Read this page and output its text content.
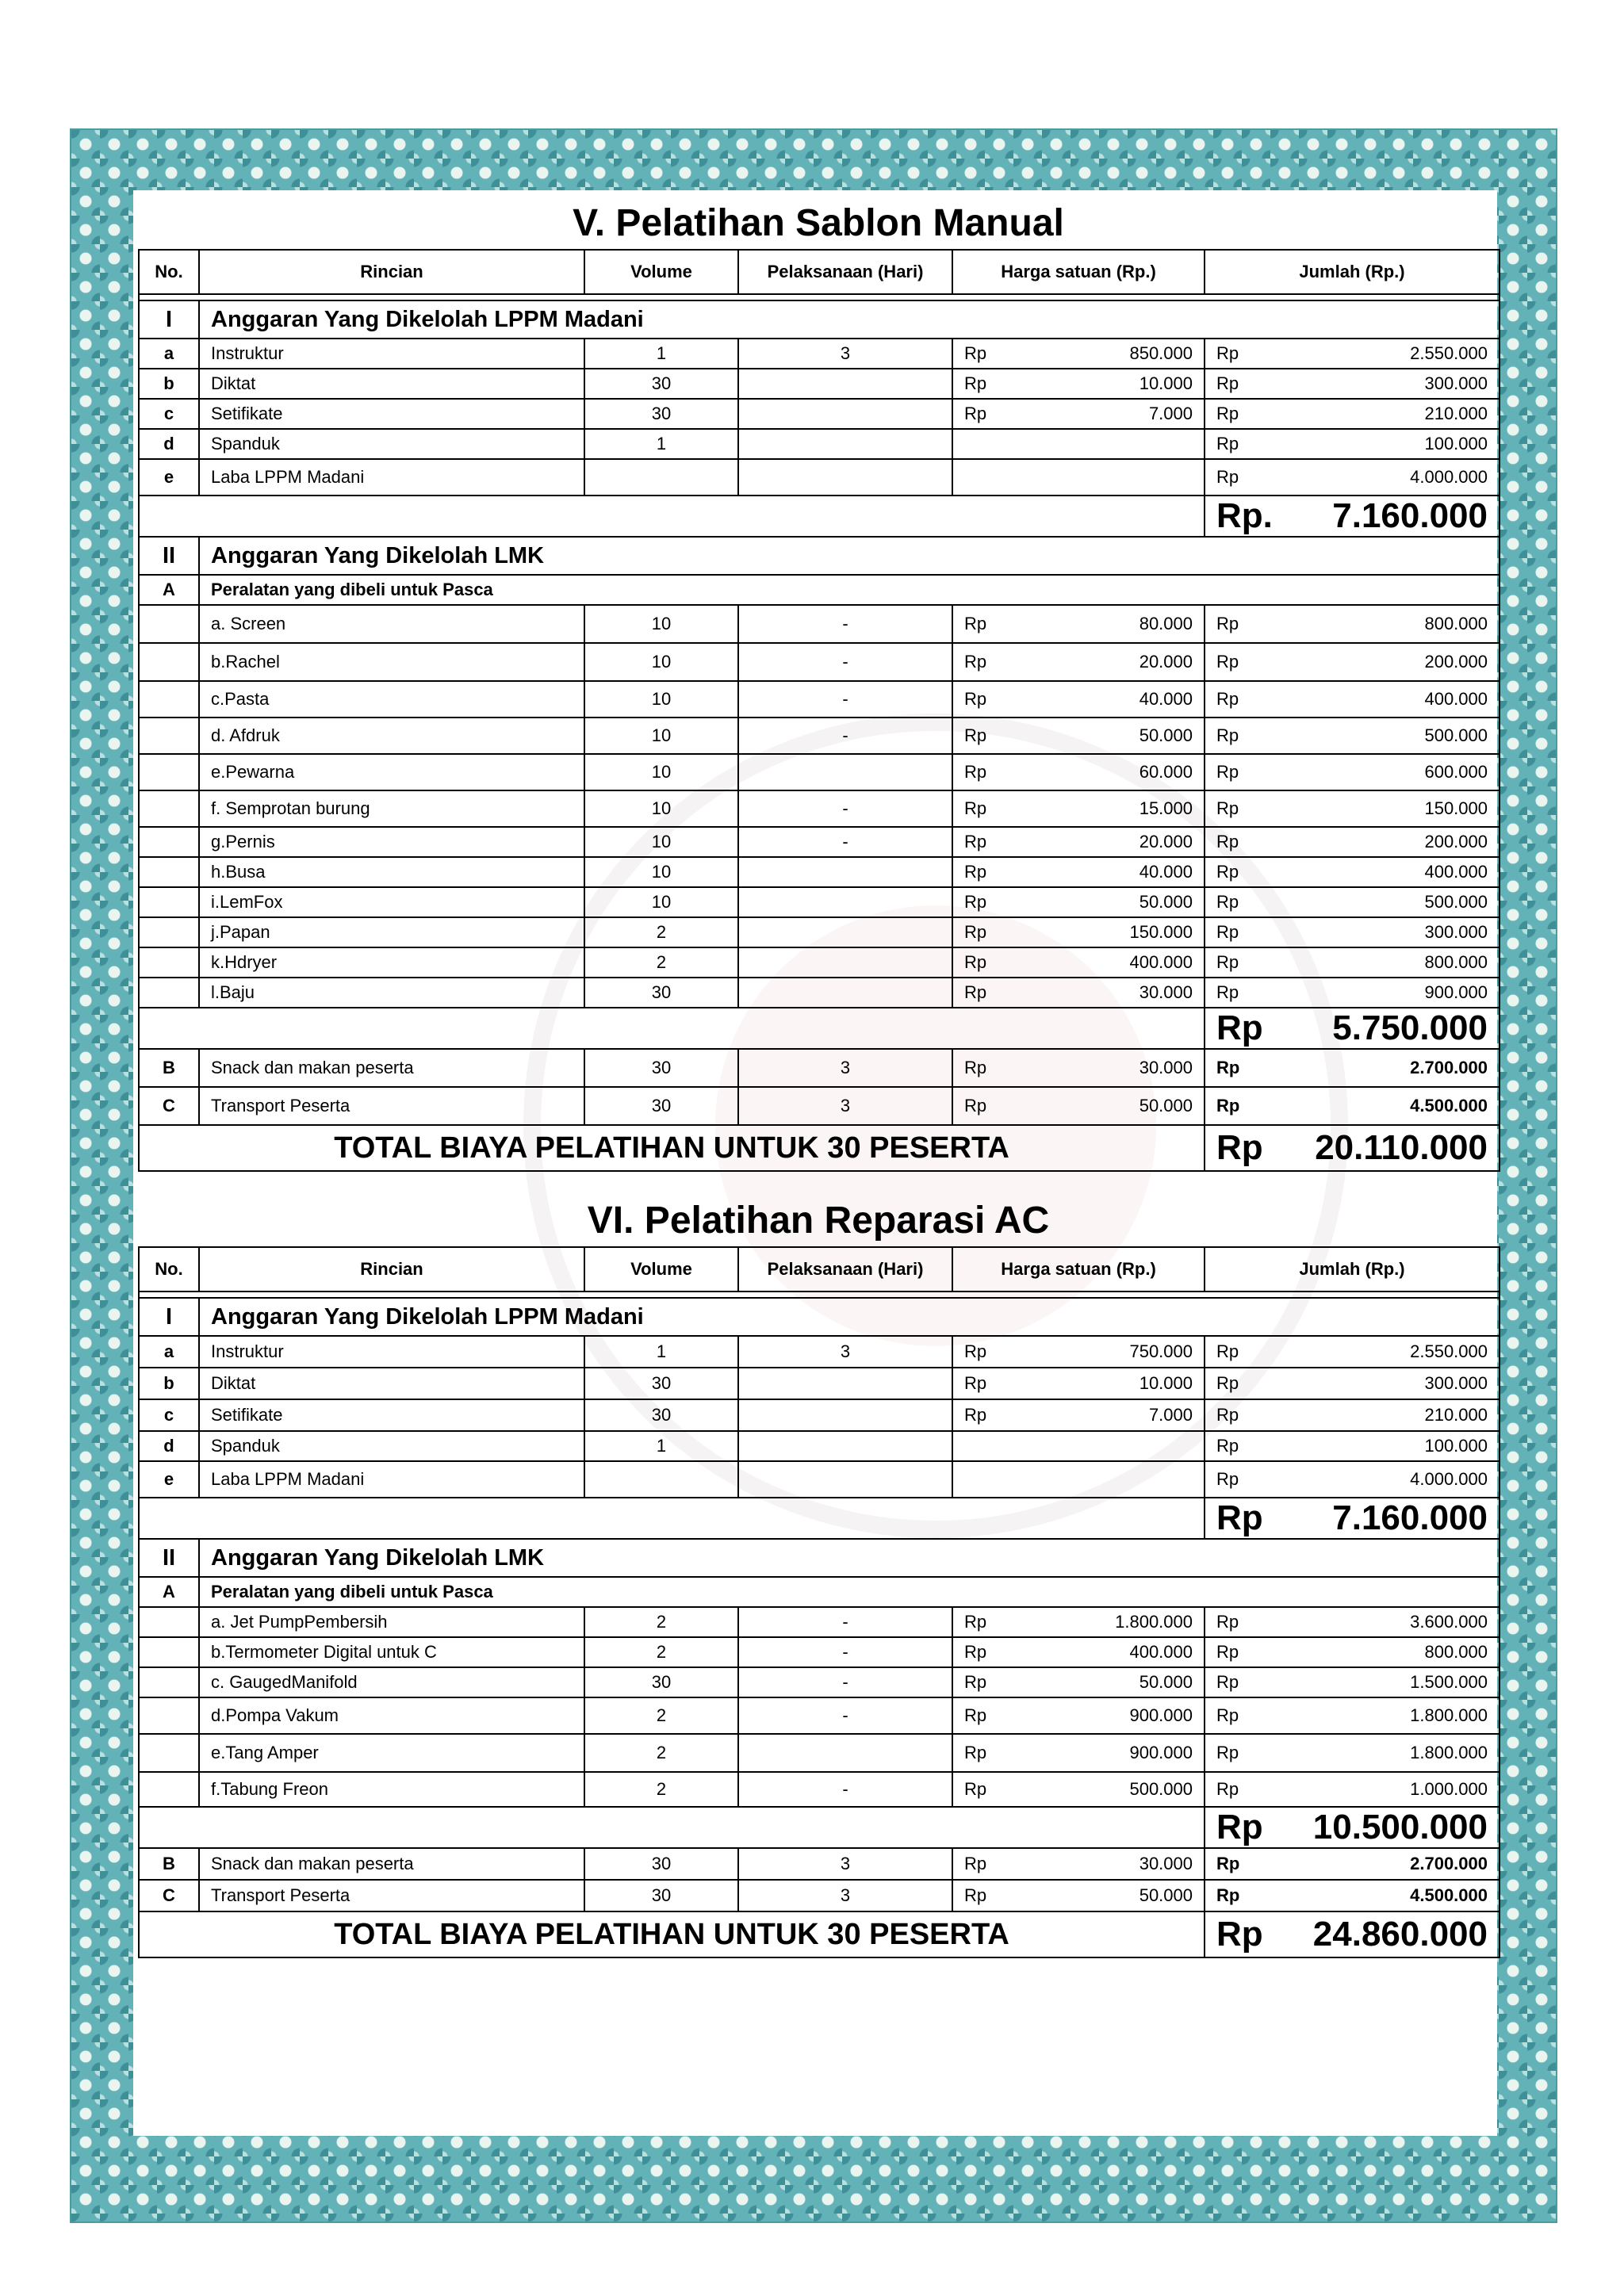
V. Pelatihan Sablon Manual
No.	Rincian	Volume	Pelaksanaan (Hari)	Harga satuan (Rp.)	Jumlah (Rp.)

I	Anggaran Yang Dikelolah LPPM Madani				
a	Instruktur	1	3	Rp 850.000	Rp 2.550.000

b	Diktat	30		Rp 10.000	Rp 300.000

c	Setifikate	30		Rp 7.000	Rp 210.000

d	Spanduk	1			Rp 100.000

e	Laba LPPM Madani				Rp 4.000.000

					Rp. 7.160.000

II	Anggaran Yang Dikelolah LMK				
A	Peralatan yang dibeli untuk Pasca				
	a. Screen	10	-	Rp 80.000	Rp 800.000

	b.Rachel	10	-	Rp 20.000	Rp 200.000

	c.Pasta	10	-	Rp 40.000	Rp 400.000

	d. Afdruk	10	-	Rp 50.000	Rp 500.000

	e.Pewarna	10		Rp 60.000	Rp 600.000

	f. Semprotan burung	10	-	Rp 15.000	Rp 150.000

	g.Pernis	10	-	Rp 20.000	Rp 200.000

	h.Busa	10		Rp 40.000	Rp 400.000

	i.LemFox	10		Rp 50.000	Rp 500.000

	j.Papan	2		Rp 150.000	Rp 300.000

	k.Hdryer	2		Rp 400.000	Rp 800.000

	l.Baju	30		Rp 30.000	Rp 900.000

					Rp 5.750.000

B	Snack dan makan peserta	30	3	Rp 30.000	Rp 2.700.000

C	Transport Peserta	30	3	Rp 50.000	Rp 4.500.000

TOTAL BIAYA PELATIHAN UNTUK 30 PESERTA					Rp 20.110.000
VI. Pelatihan Reparasi AC
No.	Rincian	Volume	Pelaksanaan (Hari)	Harga satuan (Rp.)	Jumlah (Rp.)

I	Anggaran Yang Dikelolah LPPM Madani				
a	Instruktur	1	3	Rp 750.000	Rp 2.550.000

b	Diktat	30		Rp 10.000	Rp 300.000

c	Setifikate	30		Rp 7.000	Rp 210.000

d	Spanduk	1			Rp 100.000

e	Laba LPPM Madani				Rp 4.000.000

					Rp 7.160.000

II	Anggaran Yang Dikelolah LMK				
A	Peralatan yang dibeli untuk Pasca				
	a. Jet PumpPembersih	2	-	Rp 1.800.000	Rp 3.600.000

	b.Termometer Digital untuk C	2	-	Rp 400.000	Rp 800.000

	c. GaugedManifold	30	-	Rp 50.000	Rp 1.500.000

	d.Pompa Vakum	2	-	Rp 900.000	Rp 1.800.000

	e.Tang Amper	2		Rp 900.000	Rp 1.800.000

	f.Tabung Freon	2	-	Rp 500.000	Rp 1.000.000

					Rp 10.500.000

B	Snack dan makan peserta	30	3	Rp 30.000	Rp 2.700.000

C	Transport Peserta	30	3	Rp 50.000	Rp 4.500.000

TOTAL BIAYA PELATIHAN UNTUK 30 PESERTA					Rp 24.860.000
